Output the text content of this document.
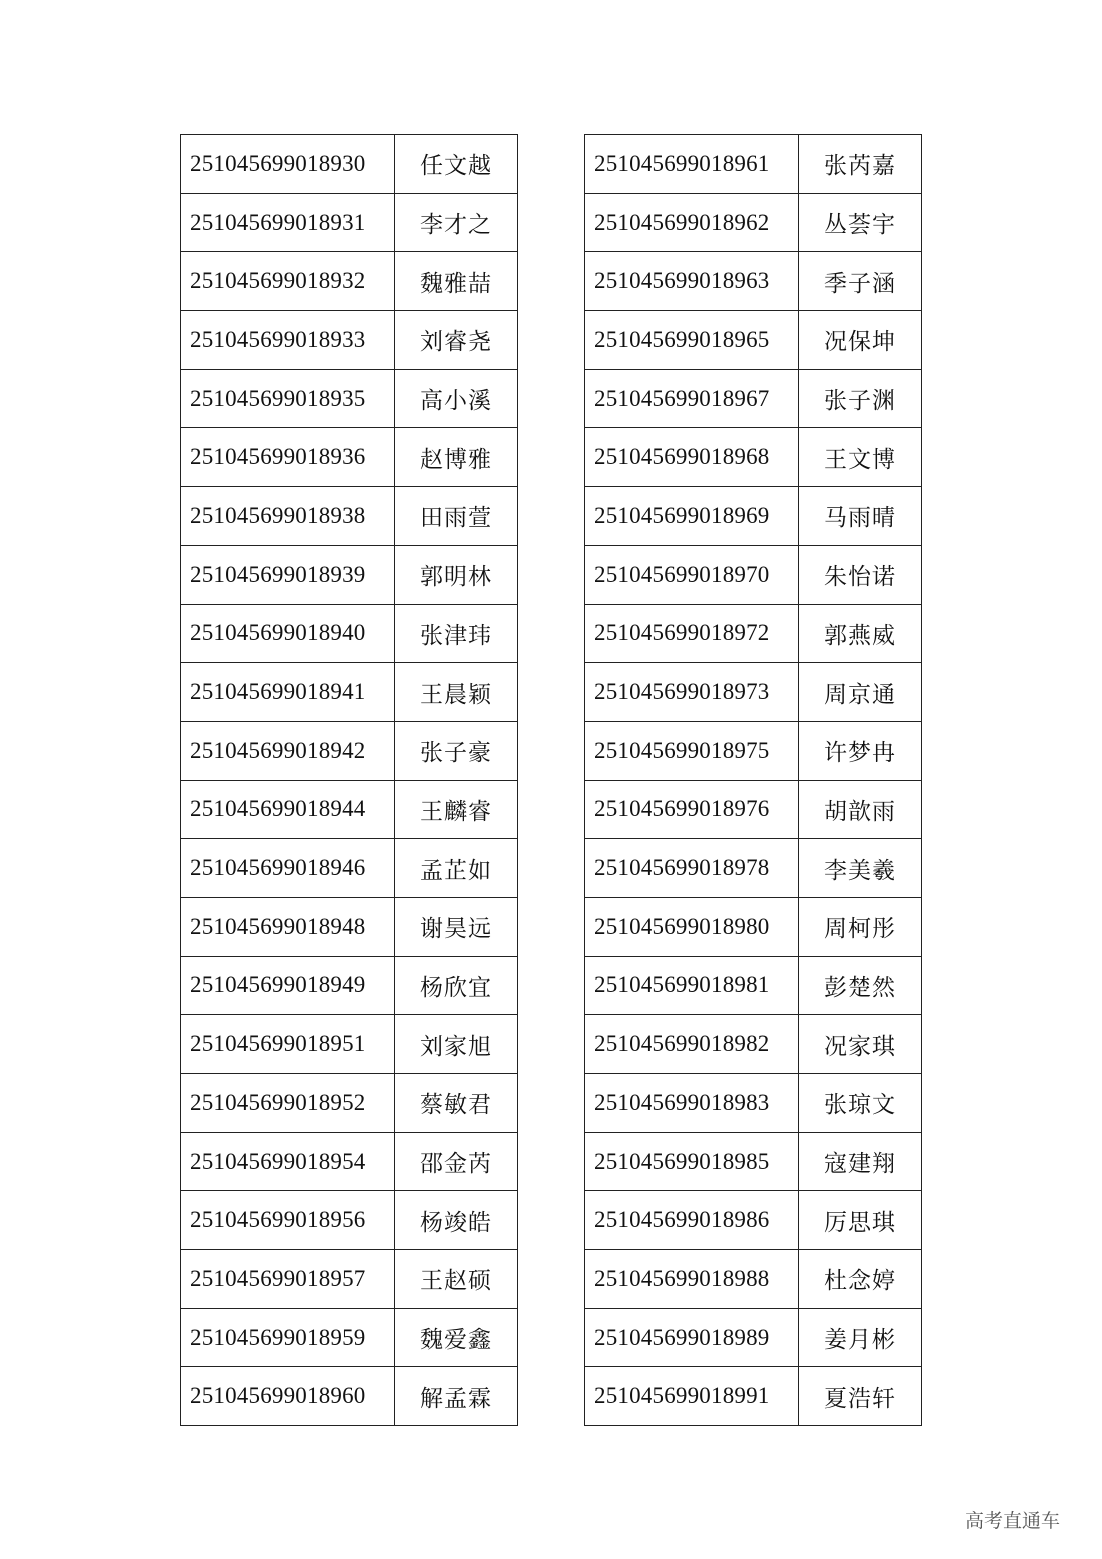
251045699018930	任文越
251045699018931	李才之
251045699018932	魏雅喆
251045699018933	刘睿尧
251045699018935	高小溪
251045699018936	赵博雅
251045699018938	田雨萱
251045699018939	郭明林
251045699018940	张津玮
251045699018941	王晨颖
251045699018942	张子豪
251045699018944	王麟睿
251045699018946	孟芷如
251045699018948	谢昊远
251045699018949	杨欣宜
251045699018951	刘家旭
251045699018952	蔡敏君
251045699018954	邵金芮
251045699018956	杨竣皓
251045699018957	王赵硕
251045699018959	魏爱鑫
251045699018960	解孟霖
251045699018961	张芮嘉
251045699018962	丛荟宇
251045699018963	季子涵
251045699018965	况保坤
251045699018967	张子渊
251045699018968	王文博
251045699018969	马雨晴
251045699018970	朱怡诺
251045699018972	郭燕威
251045699018973	周京通
251045699018975	许梦冉
251045699018976	胡歆雨
251045699018978	李美羲
251045699018980	周柯彤
251045699018981	彭楚然
251045699018982	况家琪
251045699018983	张琼文
251045699018985	寇建翔
251045699018986	厉思琪
251045699018988	杜念婷
251045699018989	姜月彬
251045699018991	夏浩轩
高考直通车
